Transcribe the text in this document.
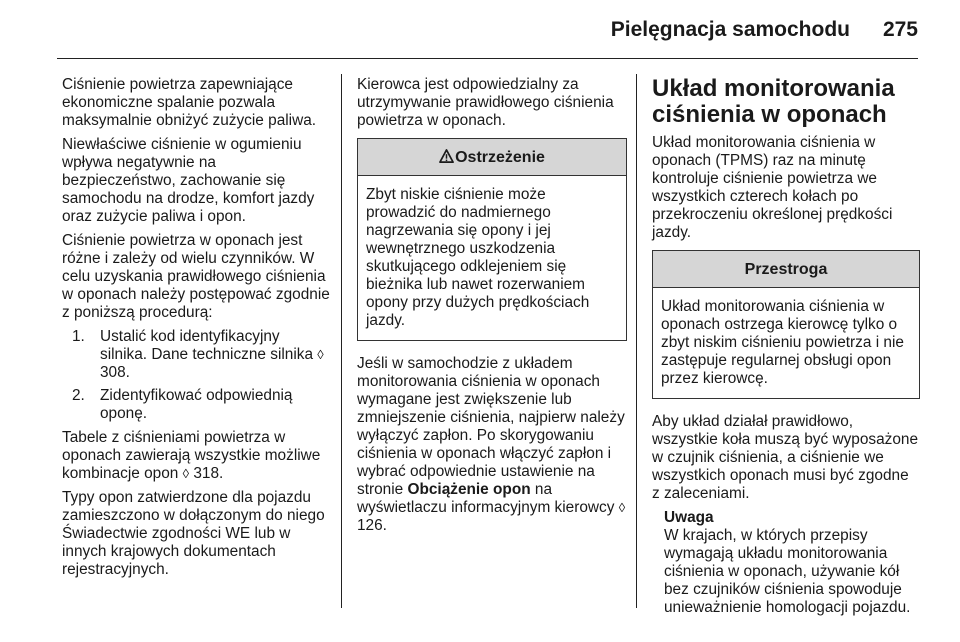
Pielęgnacja samochodu 275

Ciśnienie powietrza zapewniające ekonomiczne spalanie pozwala maksymalnie obniżyć zużycie paliwa.

Niewłaściwe ciśnienie w ogumieniu wpływa negatywnie na bezpieczeństwo, zachowanie się samochodu na drodze, komfort jazdy oraz zużycie paliwa i opon.

Ciśnienie powietrza w oponach jest różne i zależy od wielu czynników. W celu uzyskania prawidłowego ciśnienia w oponach należy postępować zgodnie z poniższą procedurą:

1. Ustalić kod identyfikacyjny silnika. Dane techniczne silnika ◊ 308.
2. Zidentyfikować odpowiednią oponę.

Tabele z ciśnieniami powietrza w oponach zawierają wszystkie możliwe kombinacje opon ◊ 318.

Typy opon zatwierdzone dla pojazdu zamieszczono w dołączonym do niego Świadectwie zgodności WE lub w innych krajowych dokumentach rejestracyjnych.

Kierowca jest odpowiedzialny za utrzymywanie prawidłowego ciśnienia powietrza w oponach.

Ostrzeżenie
Zbyt niskie ciśnienie może prowadzić do nadmiernego nagrzewania się opony i jej wewnętrznego uszkodzenia skutkującego odklejeniem się bieżnika lub nawet rozerwaniem opony przy dużych prędkościach jazdy.

Jeśli w samochodzie z układem monitorowania ciśnienia w oponach wymagane jest zwiększenie lub zmniejszenie ciśnienia, najpierw należy wyłączyć zapłon. Po skorygowaniu ciśnienia w oponach włączyć zapłon i wybrać odpowiednie ustawienie na stronie Obciążenie opon na wyświetlaczu informacyjnym kierowcy ◊ 126.

Układ monitorowania ciśnienia w oponach

Układ monitorowania ciśnienia w oponach (TPMS) raz na minutę kontroluje ciśnienie powietrza we wszystkich czterech kołach po przekroczeniu określonej prędkości jazdy.

Przestroga
Układ monitorowania ciśnienia w oponach ostrzega kierowcę tylko o zbyt niskim ciśnieniu powietrza i nie zastępuje regularnej obsługi opon przez kierowcę.

Aby układ działał prawidłowo, wszystkie koła muszą być wyposażone w czujnik ciśnienia, a ciśnienie we wszystkich oponach musi być zgodne z zaleceniami.

Uwaga
W krajach, w których przepisy wymagają układu monitorowania ciśnienia w oponach, używanie kół bez czujników ciśnienia spowoduje unieważnienie homologacji pojazdu.
